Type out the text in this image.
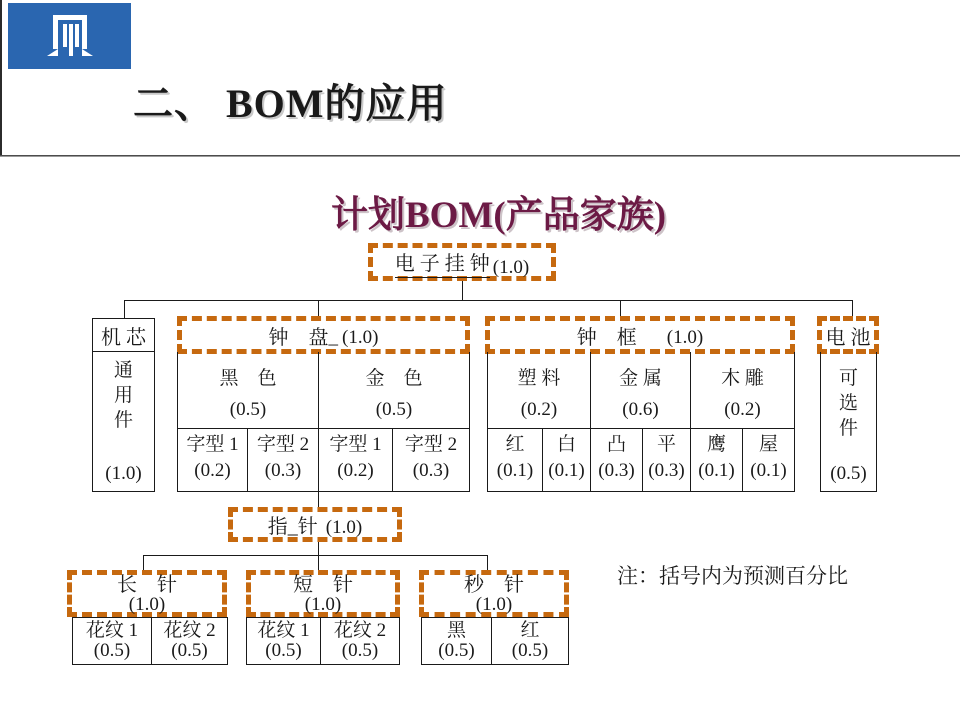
二、 BOM的应用
计划BOM(产品家族)
电 子 挂 钟 (1.0)
机 芯	钟　盘 _ (1.0)	钟　框 (1.0)	电 池
通用件
(1.0)
黑　色
(0.5)
金　色
(0.5)
字型 1
(0.2)
字型 2
(0.3)
字型 1
(0.2)
字型 2
(0.3)
塑 料
(0.2)
金 属
(0.6)
木 雕
(0.2)
红
(0.1)
白
(0.1)
凸
(0.3)
平
(0.3)
鹰
(0.1)
屋
(0.1)
可选件
(0.5)
指_针 (1.0)
长　针
(1.0)
短　针
(1.0)
秒　针
(1.0)
花纹 1
(0.5)
花纹 2
(0.5)
花纹 1
(0.5)
花纹 2
(0.5)
黑
(0.5)
红
(0.5)
注：括号内为预测百分比
